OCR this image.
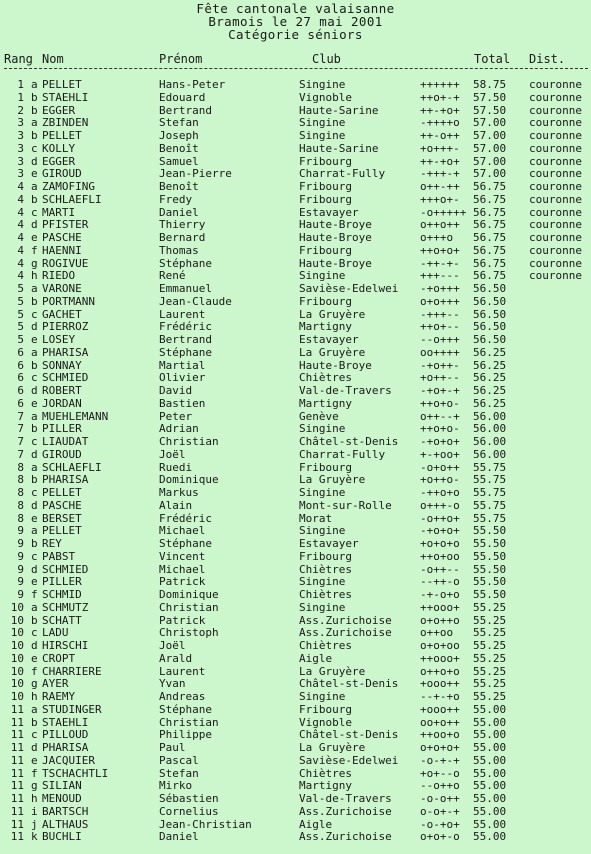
Fête cantonale valaisanne
Bramois le 27 mai 2001
Catégorie séniors
Rang Nom	Prénom	Club	Total Dist.
1 a PELLET	Hans-Peter	Singine	++++++	58.75	couronne
1 b STAEHLI	Edouard	Vignoble	++o+-+	57.50	couronne
2 b EGGER	Bertrand	Haute-Sarine	++-+o+	57.50	couronne
3 a ZBINDEN	Stefan	Singine	-++++o	57.00	couronne
3 b PELLET	Joseph	Singine	++-o++	57.00	couronne
3 c KOLLY	Benoît	Haute-Sarine	+o+++-	57.00	couronne
3 d EGGER	Samuel	Fribourg	++-+o+	57.00	couronne
3 e GIROUD	Jean-Pierre	Charrat-Fully	-+++-+	57.00	couronne
4 a ZAMOFING	Benoît	Fribourg	o++-++	56.75	couronne
4 b SCHLAEFLI	Fredy	Fribourg	+++o+-	56.75	couronne
4 c MARTI	Daniel	Estavayer	-o+++++ 56.75	couronne
4 d PFISTER	Thierry	Haute-Broye	o++o++	56.75	couronne
4 e PASCHE	Bernard	Haute-Broye	o+++o	56.75	couronne
4 f HAENNI	Thomas	Fribourg	++o+o+	56.75	couronne
4 g ROGIVUE	Stéphane	Haute-Broye	-++-+-	56.75	couronne
4 h RIEDO	René	Singine	+++---	56.75	couronne
5 a VARONE	Emmanuel	Savièse-Edelwei	-+o+++	56.50
5 b PORTMANN	Jean-Claude	Fribourg	o+o+++	56.50
5 c GACHET	Laurent	La Gruyère	-+++--	56.50
5 d PIERROZ	Frédéric	Martigny	++o+--	56.50
5 e LOSEY	Bertrand	Estavayer	--o+++	56.50
6 a PHARISA	Stéphane	La Gruyère	oo++++	56.25
6 b SONNAY	Martial	Haute-Broye	-+o++-	56.25
6 c SCHMIED	Olivier	Chiètres	+o++--	56.25
6 d ROBERT	David	Val-de-Travers	-+o+-+	56.25
6 e JORDAN	Bastien	Martigny	++o+o-	56.25
7 a MUEHLEMANN	Peter	Genève	o++--+	56.00
7 b PILLER	Adrian	Singine	++o+o-	56.00
7 c LIAUDAT	Christian	Châtel-st-Denis	-+o+o+	56.00
7 d GIROUD	Joël	Charrat-Fully	+-+oo+	56.00
8 a SCHLAEFLI	Ruedi	Fribourg	-o+o++	55.75
8 b PHARISA	Dominique	La Gruyère	+o++o-	55.75
8 c PELLET	Markus	Singine	-++o+o	55.75
8 d PASCHE	Alain	Mont-sur-Rolle	o+++-o	55.75
8 e BERSET	Frédéric	Morat	-o++o+	55.75
9 a PELLET	Michael	Singine	-+o+o+	55.50
9 b REY	Stéphane	Estavayer	+o+o+o	55.50
9 c PABST	Vincent	Fribourg	++o+oo	55.50
9 d SCHMIED	Michael	Chiètres	-o++--	55.50
9 e PILLER	Patrick	Singine	--++-o	55.50
9 f SCHMID	Dominique	Chiètres	-+-o+o	55.50
10 a SCHMUTZ	Christian	Singine	++ooo+	55.25
10 b SCHATT	Patrick	Ass.Zurichoise	o+o++o	55.25
10 c LADU	Christoph	Ass.Zurichoise	o++oo	55.25
10 d HIRSCHI	Joël	Chiètres	o+o+oo	55.25
10 e CROPT	Arald	Aigle	++ooo+	55.25
10 f CHARRIERE	Laurent	La Gruyère	o++o+o	55.25
10 g AYER	Yvan	Châtel-st-Denis	+ooo++	55.25
10 h RAEMY	Andreas	Singine	--+-+o	55.25
11 a STUDINGER	Stéphane	Fribourg	+ooo++	55.00
11 b STAEHLI	Christian	Vignoble	oo+o++	55.00
11 c PILLOUD	Philippe	Châtel-st-Denis	++oo+o	55.00
11 d PHARISA	Paul	La Gruyère	o+o+o+	55.00
11 e JACQUIER	Pascal	Savièse-Edelwei	-o-+-+	55.00
11 f TSCHACHTLI	Stefan	Chiètres	+o+--o	55.00
11 g SILIAN	Mirko	Martigny	--o++o	55.00
11 h MENOUD	Sébastien	Val-de-Travers	-o-o++	55.00
11 i BARTSCH	Cornelius	Ass.Zurichoise	o-o+-+	55.00
11 j ALTHAUS	Jean-Christian	Aigle	-o-+o+	55.00
11 k BUCHLI	Daniel	Ass.Zurichoise	o+o+-o	55.00
